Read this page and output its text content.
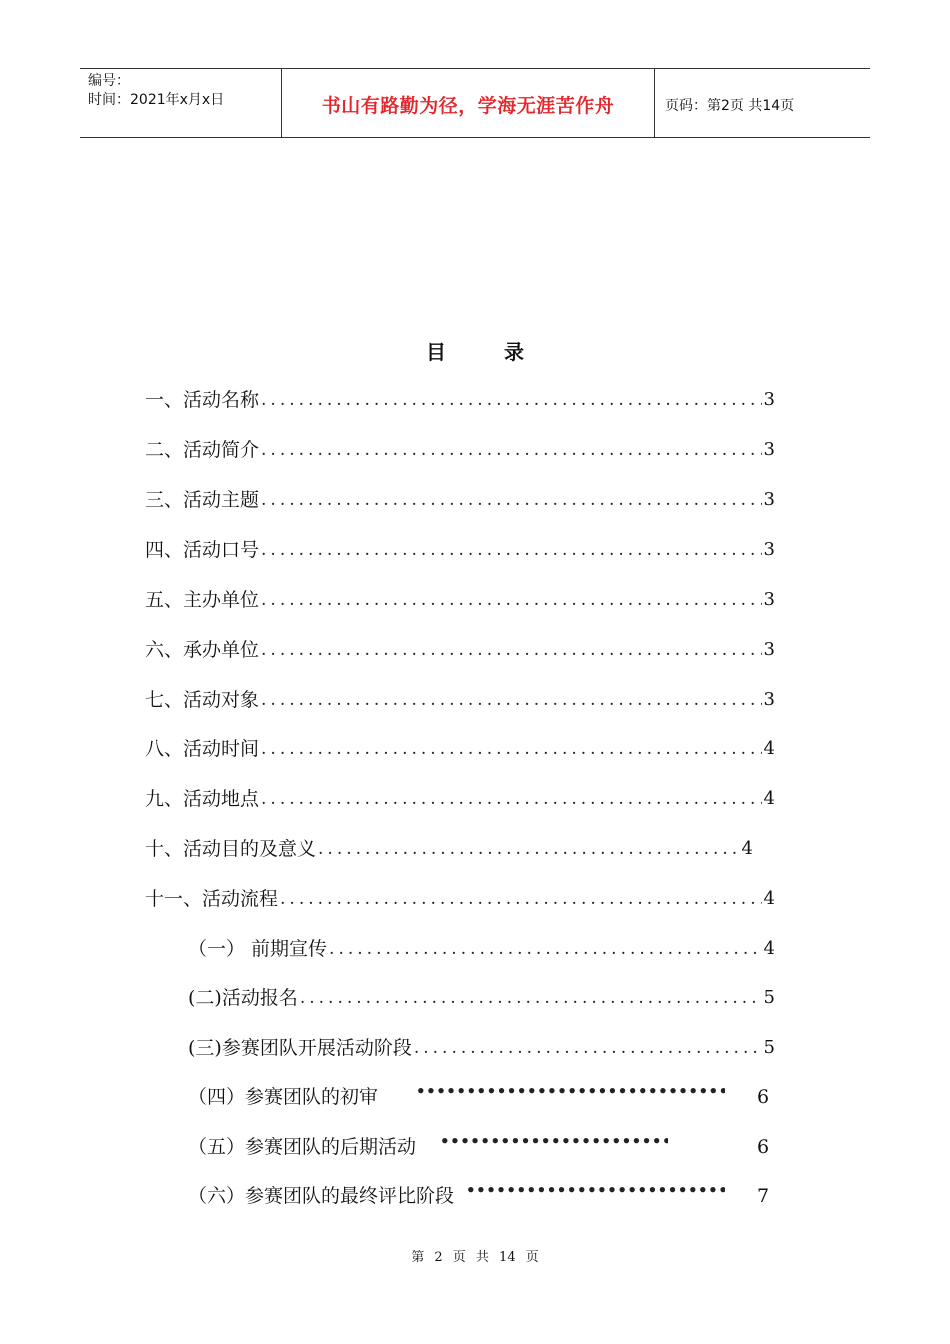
编号：
时间：2021年x月x日	书山有路勤为径，学海无涯苦作舟	页码：第2页 共14页
目录
一、活动名称 .....	3
二、活动简介 .....	3
三、活动主题 .....	3
四、活动口号 .....	3
五、主办单位 .....	3
六、承办单位 .....	3
七、活动对象 .....	3
八、活动时间 .....	4
九、活动地点 .....	4
十、活动目的及意义 .....	4
十一、活动流程 .....	4
（一） 前期宣传 .....	4
(二)活动报名 .....	5
(三)参赛团队开展活动阶段 .....	5
（四）参赛团队的初审 •••••	6
（五）参赛团队的后期活动 •••••	6
（六）参赛团队的最终评比阶段 •••••	7
第 2 页 共 14 页
